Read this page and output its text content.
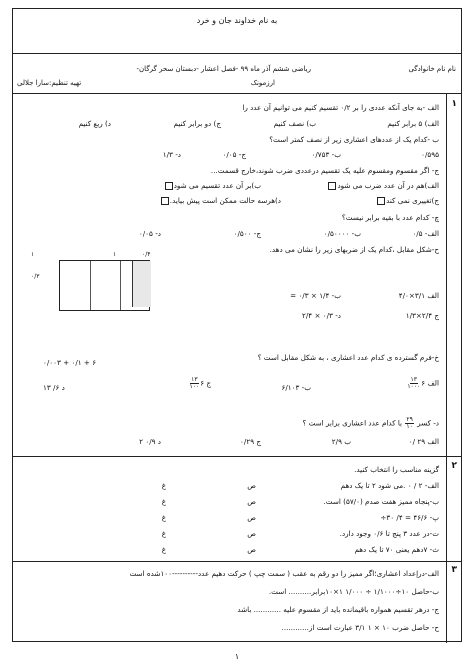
به نام خداوند جان و خرد
نام نام خانوادگی
ریاضی ششم آذر ماه ۹۹ -فصل اعشار -دبستان سحر گرگان-
ارزمونک
تهیه تنظیم:سارا جلالی
۱
الف -به جای آنکه عددی را بر ۰/۲ تقسیم کنیم می توانیم آن عدد را
الف) ۵ برابر کنیم
ب) نصف کنیم
ج) دو برابر کنیم
د) ربع کنیم
ب -کدام یک از عددهای اعشاری زیر از نصف کمتر است؟
۰/۵۹۵
ب- ۰/۷۵۳
ج- ۰/۰۵
د- ۱/۳
ج- اگر مقسوم ومقسوم علیه یک تقسیم درعددی ضرب شوند،خارج قسمت...
الف)هم در آن عدد ضرب می شود
ب)بر آن عدد تقسیم می شود
ج)تغییری نمی کند
د)هرسه حالت ممکن است پیش بیاید.
چ- کدام عدد با بقیه برابر نیست؟
الف- ۰/۵
ب- ۰/۵۰۰۰۰
ج- ۰/۵۰۰
د- ۰/۰۵
ح-شکل مقابل ،کدام یک از ضربهای زیر را نشان می دهد.
۰/۴
۱
۱
۰/۳
الف ۳/۱×۴/۰
ب- ۱/۴ × ۰/۳ =
ج ۲/۴×۱/۳
د- ۰/۳ × ۲/۴
خ-فرم گسترده ی کدام عدد اعشاری ، به شکل مقابل است ؟
۶ + ۰/۱ + ۰/۰۰۳
الف ۶
$\frac{۱۳}{۱۰۰۰}$
ب- ۶/۱۰۳
ج ۶
$\frac{۱۳}{۱۰۰}$
د ۶/ ۱۳
د- کسر
$\frac{۲۹}{۱۰}$
با کدام عدد اعشاری برابر است ؟
الف ۲۹ /۰
ب ۲/۹
ج ۰/۲۹
د ۰/۹ ۲
۲
گزینه مناسب را انتخاب کنید.
الف- ۲ / ۰ .می شود ۲ تا یک دهم
ص
غ
ب-پنجاه ممیز هفت صدم (۵۷/۰) است.
ص
غ
پ- ۴۶/۶ = ۴/ ۳۰÷
ص
غ
ت-در عدد ۳ پنج تا ۰/۶ وجود دارد.
ص
غ
ث- ۷دهم یعنی ۷۰ تا یک دهم
ص
غ
۳
الف-درإعداد اعشاری؛اگر ممیز را دو رقم به عقب ( سمت چپ ) حرکت دهیم عدد----------۱۰۰شده است
ب-حاصل ۱۰÷۱/۱۰۰۰ ÷ ۱/۰۰۰ ۱×۱۰برابر.......... است.
ج- درهر تقسیم همواره باقیمانده باید از مقسوم علیه ............ باشد
ح- حاصل ضرب ۱۰ × ۱ ۳/۱ عبارت است از............
۱
